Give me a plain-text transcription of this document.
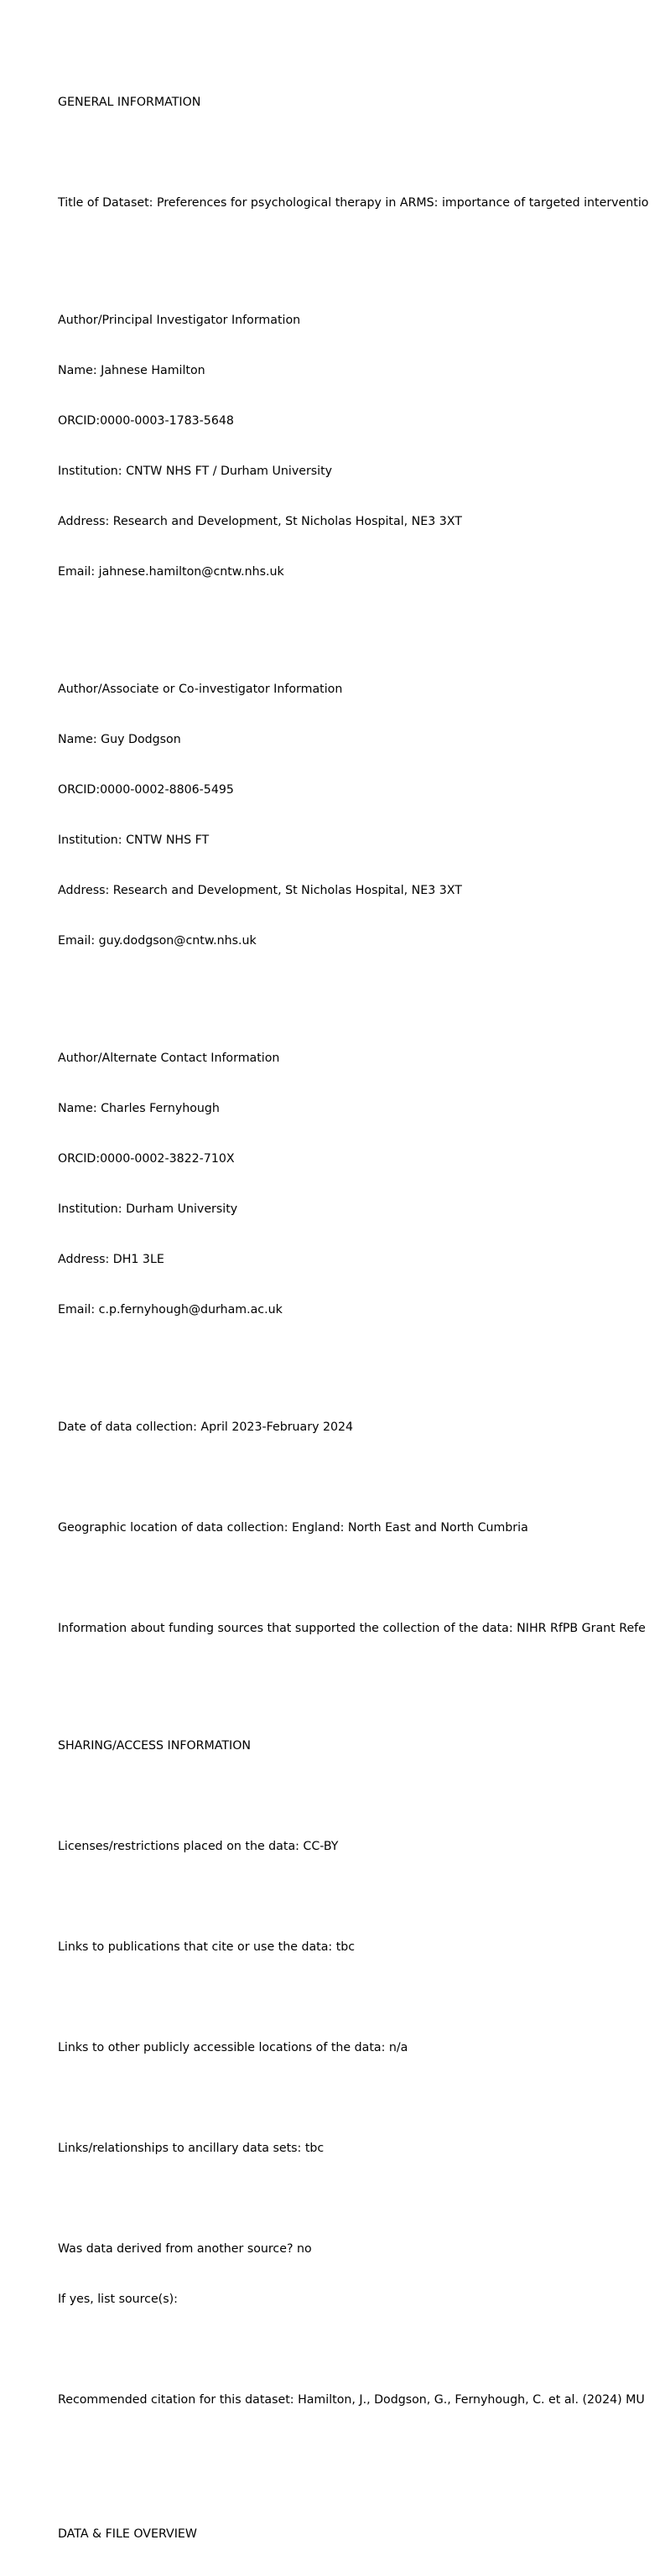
GENERAL INFORMATION

Title of Dataset: Preferences for psychological therapy in ARMS: importance of targeted interventio

Author/Principal Investigator Information

Name: Jahnese Hamilton

ORCID:0000-0003-1783-5648

Institution: CNTW NHS FT / Durham University

Address: Research and Development, St Nicholas Hospital, NE3 3XT

Email: jahnese.hamilton@cntw.nhs.uk

Author/Associate or Co-investigator Information

Name: Guy Dodgson

ORCID:0000-0002-8806-5495

Institution: CNTW NHS FT

Address: Research and Development, St Nicholas Hospital, NE3 3XT

Email: guy.dodgson@cntw.nhs.uk

Author/Alternate Contact Information

Name: Charles Fernyhough

ORCID:0000-0002-3822-710X

Institution: Durham University

Address: DH1 3LE

Email: c.p.fernyhough@durham.ac.uk

Date of data collection: April 2023-February 2024

Geographic location of data collection: England: North East and North Cumbria

Information about funding sources that supported the collection of the data: NIHR RfPB Grant Refe

SHARING/ACCESS INFORMATION

Licenses/restrictions placed on the data: CC-BY

Links to publications that cite or use the data: tbc

Links to other publicly accessible locations of the data: n/a

Links/relationships to ancillary data sets: tbc

Was data derived from another source? no

If yes, list source(s):

Recommended citation for this dataset: Hamilton, J., Dodgson, G., Fernyhough, C. et al. (2024) MU

DATA & FILE OVERVIEW
